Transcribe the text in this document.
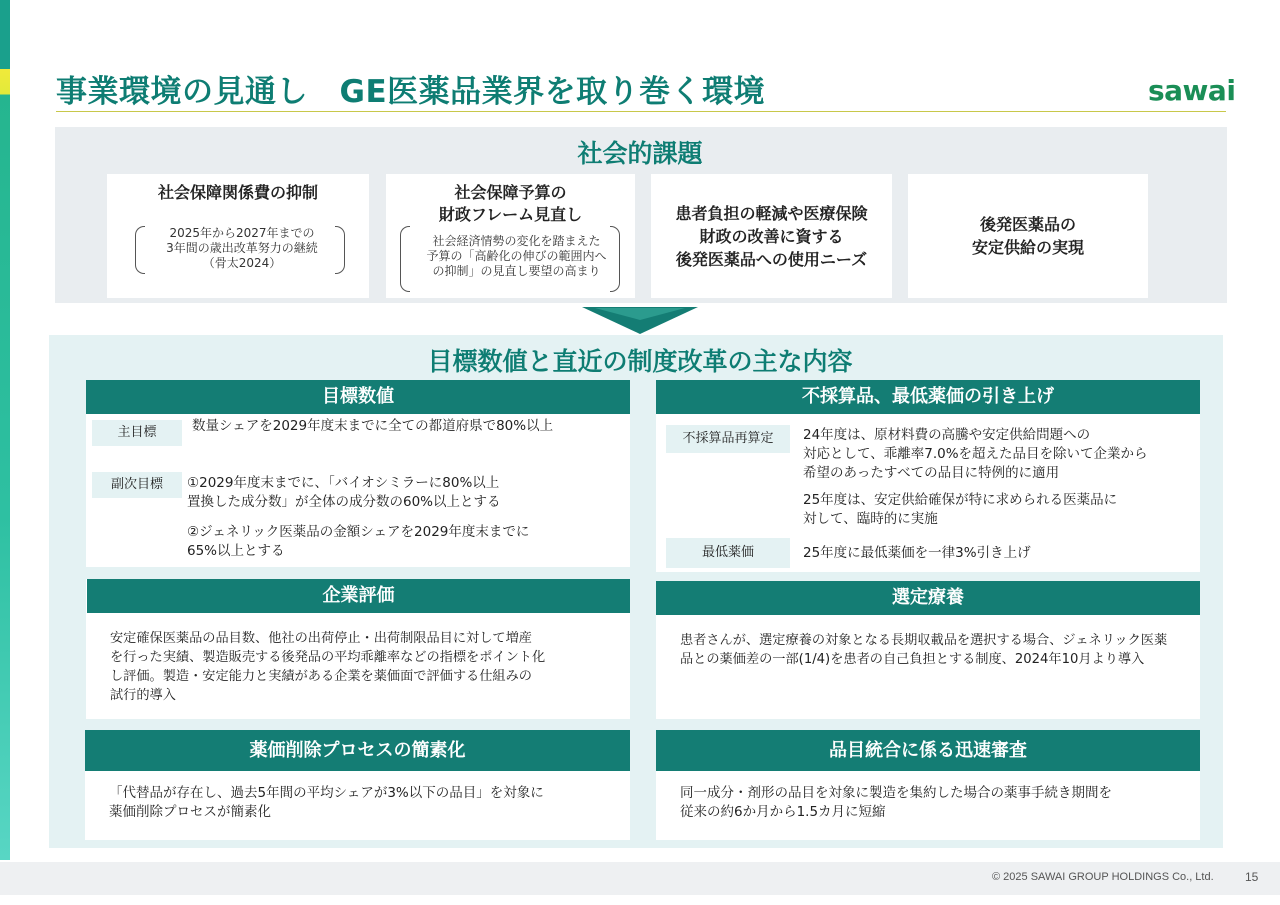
事業環境の見通し　GE医薬品業界を取り巻く環境	sawai
社会的課題
社会保障関係費の抑制
2025年から2027年までの
3年間の歳出改革努力の継続
（骨太2024）
社会保障予算の
財政フレーム見直し
社会経済情勢の変化を踏まえた
予算の「高齢化の伸びの範囲内へ
の抑制」の見直し要望の高まり
患者負担の軽減や医療保険
財政の改善に資する
後発医薬品への使用ニーズ
後発医薬品の
安定供給の実現
目標数値と直近の制度改革の主な内容
目標数値
主目標	数量シェアを2029年度末までに全ての都道府県で80%以上
副次目標	①2029年度末までに、「バイオシミラーに80%以上
置換した成分数」が全体の成分数の60%以上とする
②ジェネリック医薬品の金額シェアを2029年度末までに
65%以上とする
不採算品、最低薬価の引き上げ
不採算品再算定	24年度は、原材料費の高騰や安定供給問題への
対応として、乖離率7.0%を超えた品目を除いて企業から
希望のあったすべての品目に特例的に適用
25年度は、安定供給確保が特に求められる医薬品に
対して、臨時的に実施
最低薬価	25年度に最低薬価を一律3%引き上げ
企業評価
安定確保医薬品の品目数、他社の出荷停止・出荷制限品目に対して増産
を行った実績、製造販売する後発品の平均乖離率などの指標をポイント化
し評価。製造・安定能力と実績がある企業を薬価面で評価する仕組みの
試行的導入
選定療養
患者さんが、選定療養の対象となる長期収載品を選択する場合、ジェネリック医薬
品との薬価差の一部(1/4)を患者の自己負担とする制度、2024年10月より導入
薬価削除プロセスの簡素化
「代替品が存在し、過去5年間の平均シェアが3%以下の品目」を対象に
薬価削除プロセスが簡素化
品目統合に係る迅速審査
同一成分・剤形の品目を対象に製造を集約した場合の薬事手続き期間を
従来の約6か月から1.5カ月に短縮
© 2025 SAWAI GROUP HOLDINGS Co., Ltd.	15
